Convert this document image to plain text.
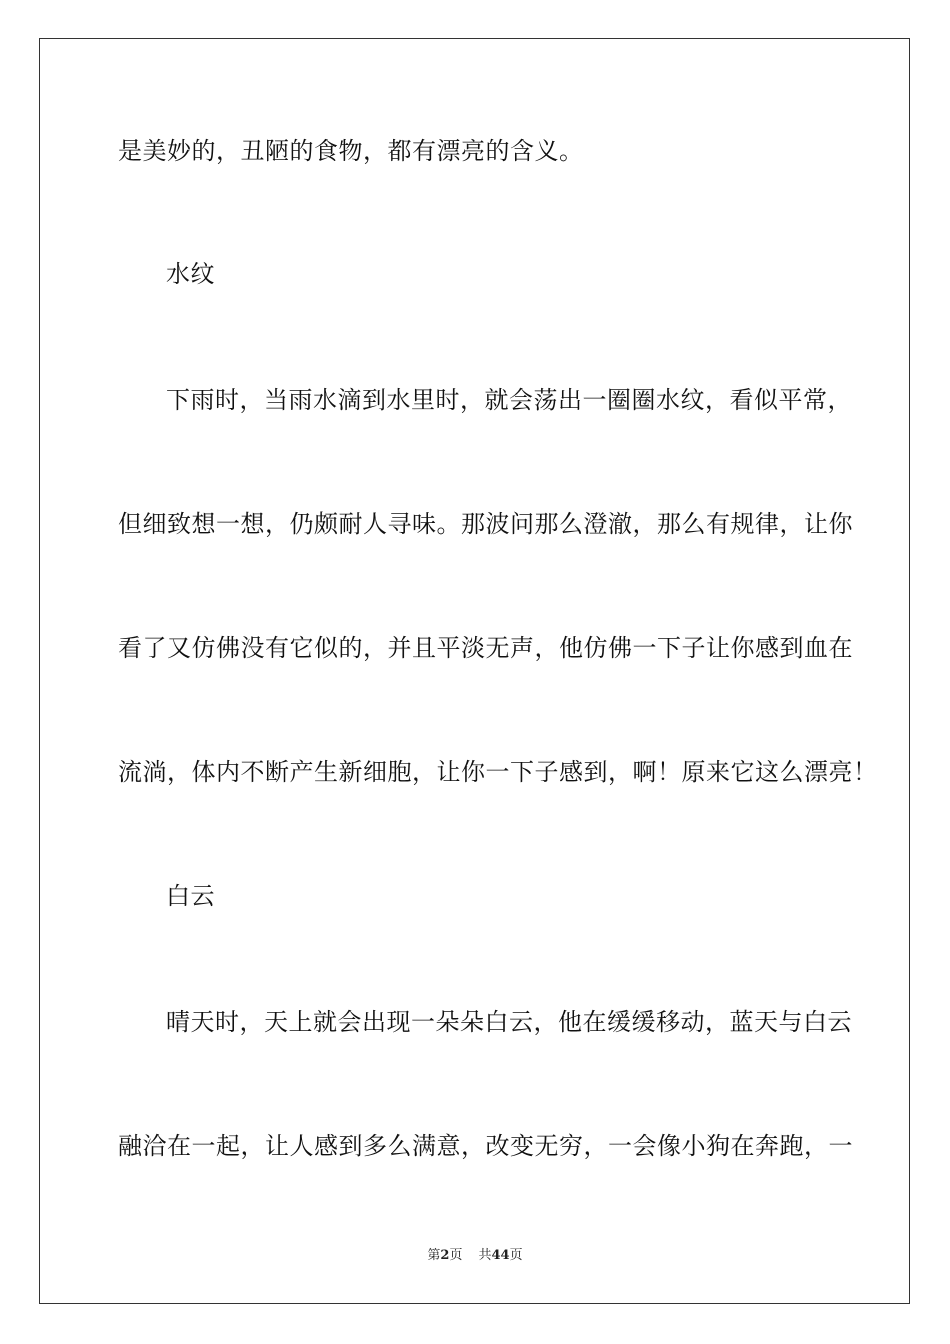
是美妙的，丑陋的食物，都有漂亮的含义。
水纹
下雨时，当雨水滴到水里时，就会荡出一圈圈水纹，看似平常，
但细致想一想，仍颇耐人寻味。那波问那么澄澈，那么有规律，让你
看了又仿佛没有它似的，并且平淡无声，他仿佛一下子让你感到血在
流淌，体内不断产生新细胞，让你一下子感到，啊！原来它这么漂亮！
白云
晴天时，天上就会出现一朵朵白云，他在缓缓移动，蓝天与白云
融洽在一起，让人感到多么满意，改变无穷，一会像小狗在奔跑，一
第2页 共44页
